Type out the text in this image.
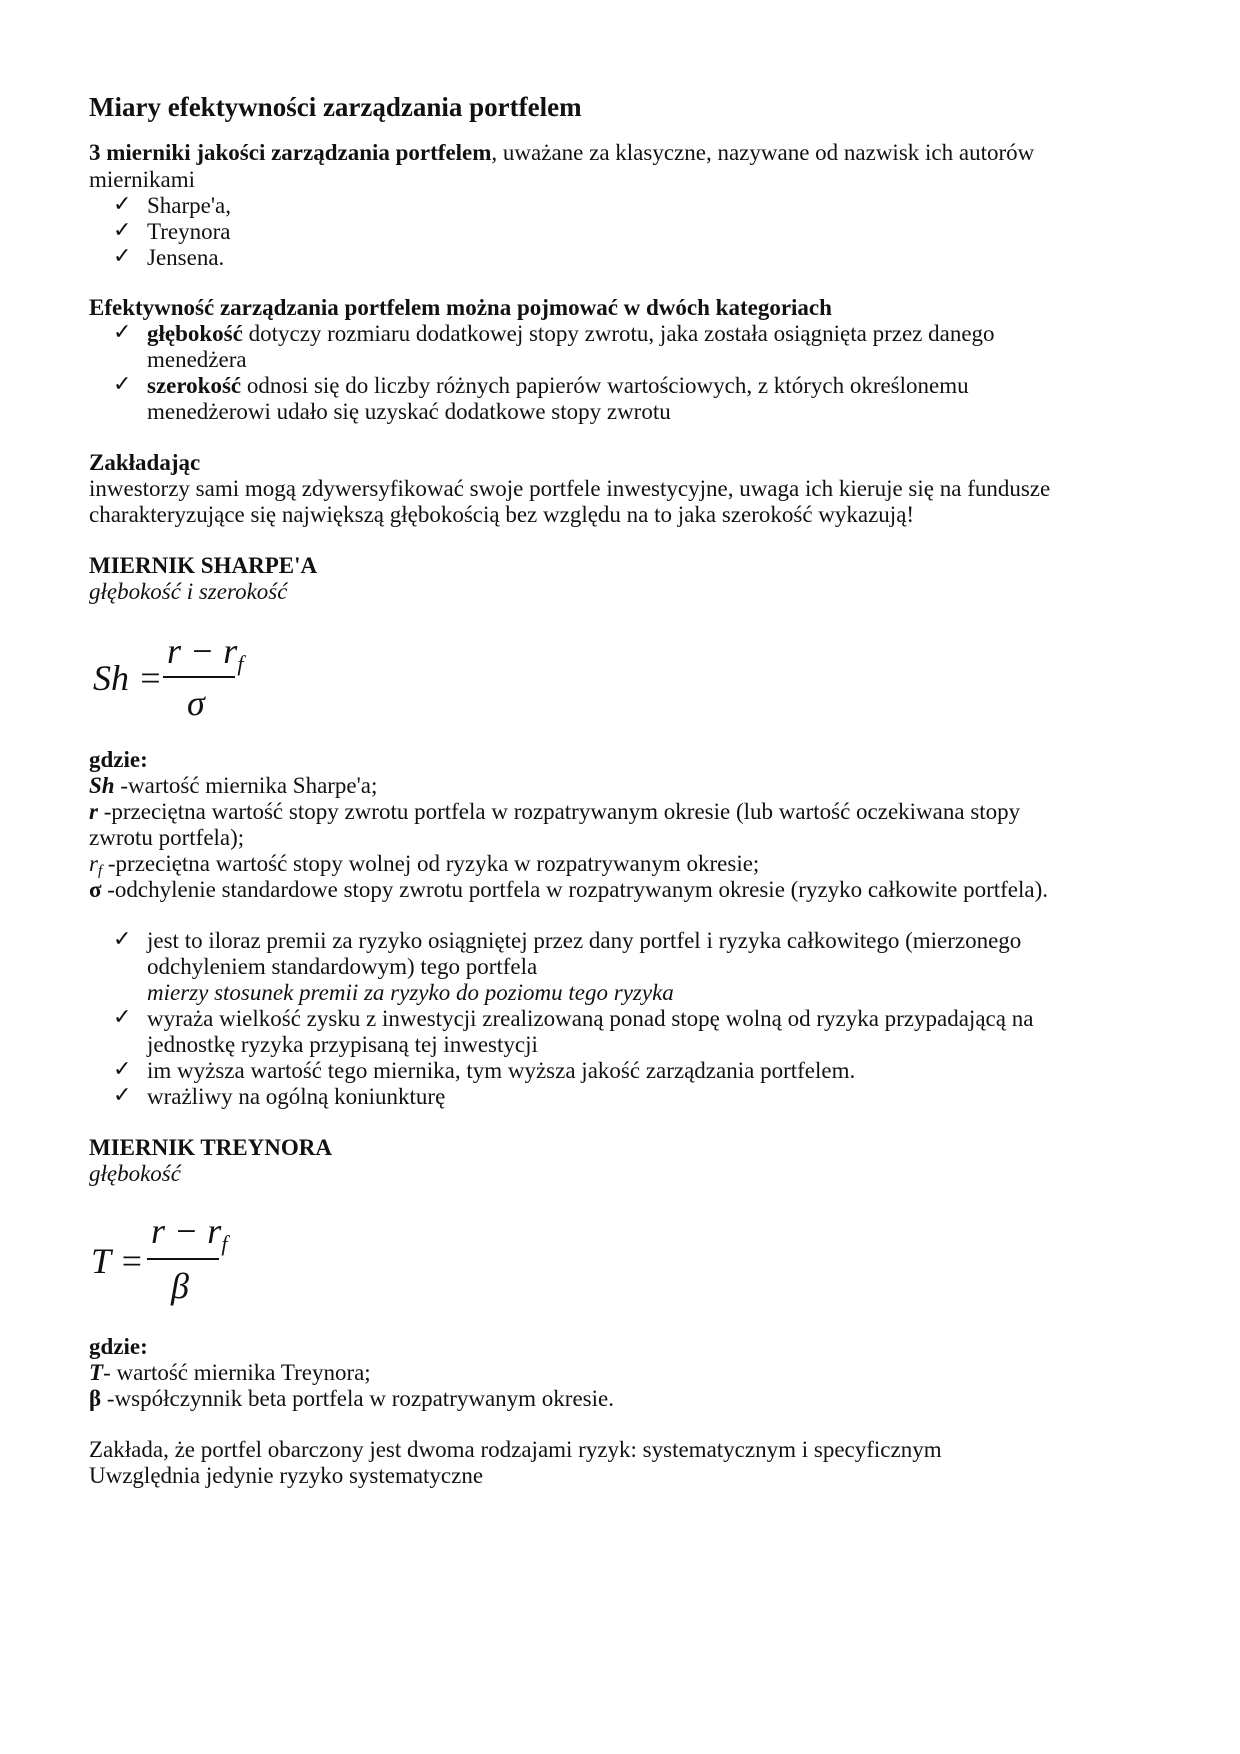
Miary efektywności zarządzania portfelem
3 mierniki jakości zarządzania portfelem, uważane za klasyczne, nazywane od nazwisk ich autorów
miernikami
✓ Sharpe'a,
✓ Treynora
✓ Jensena.
Efektywność zarządzania portfelem można pojmować w dwóch kategoriach
✓ głębokość dotyczy rozmiaru dodatkowej stopy zwrotu, jaka została osiągnięta przez danego
menedżera
✓ szerokość odnosi się do liczby różnych papierów wartościowych, z których określonemu
menedżerowi udało się uzyskać dodatkowe stopy zwrotu
Zakładając
inwestorzy sami mogą zdywersyfikować swoje portfele inwestycyjne, uwaga ich kieruje się na fundusze
charakteryzujące się największą głębokością bez względu na to jaka szerokość wykazują!
MIERNIK SHARPE'A
głębokość i szerokość
Sh =
$r - r_f$
σ
gdzie:
Sh -wartość miernika Sharpe'a;
r -przeciętna wartość stopy zwrotu portfela w rozpatrywanym okresie (lub wartość oczekiwana stopy
zwrotu portfela);
rf -przeciętna wartość stopy wolnej od ryzyka w rozpatrywanym okresie;
σ -odchylenie standardowe stopy zwrotu portfela w rozpatrywanym okresie (ryzyko całkowite portfela).
✓ jest to iloraz premii za ryzyko osiągniętej przez dany portfel i ryzyka całkowitego (mierzonego
odchyleniem standardowym) tego portfela
mierzy stosunek premii za ryzyko do poziomu tego ryzyka
✓ wyraża wielkość zysku z inwestycji zrealizowaną ponad stopę wolną od ryzyka przypadającą na
jednostkę ryzyka przypisaną tej inwestycji
✓ im wyższa wartość tego miernika, tym wyższa jakość zarządzania portfelem.
✓ wrażliwy na ogólną koniunkturę
MIERNIK TREYNORA
głębokość
T =
$r - r_f$
β
gdzie:
T- wartość miernika Treynora;
β -współczynnik beta portfela w rozpatrywanym okresie.
Zakłada, że portfel obarczony jest dwoma rodzajami ryzyk: systematycznym i specyficznym
Uwzględnia jedynie ryzyko systematyczne
